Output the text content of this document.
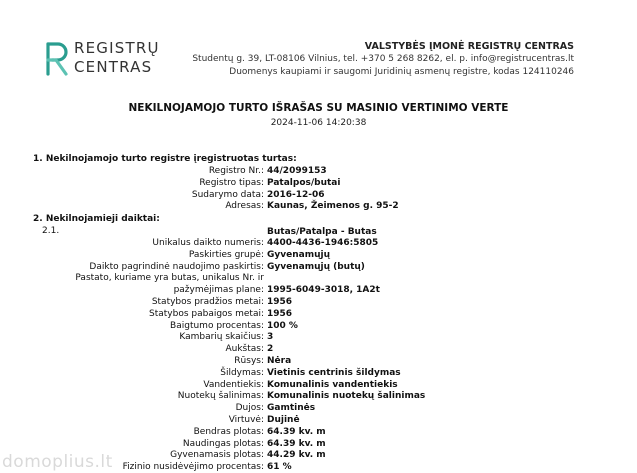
REGISTRŲ
CENTRAS
VALSTYBĖS ĮMONĖ REGISTRŲ CENTRAS
Studentų g. 39, LT-08106 Vilnius, tel. +370 5 268 8262, el. p. info@registrucentras.lt
Duomenys kaupiami ir saugomi Juridinių asmenų registre, kodas 124110246
NEKILNOJAMOJO TURTO IŠRAŠAS SU MASINIO VERTINIMO VERTE
2024-11-06 14:20:38
1. Nekilnojamojo turto registre įregistruotas turtas:
Registro Nr.: 44/2099153
Registro tipas: Patalpos/butai
Sudarymo data: 2016-12-06
Adresas: Kaunas, Žeimenos g. 95-2
2. Nekilnojamieji daiktai:
2.1.	Butas/Patalpa - Butas
Unikalus daikto numeris: 4400-4436-1946:5805
Paskirties grupė: Gyvenamųjų
Daikto pagrindinė naudojimo paskirtis: Gyvenamųjų (butų)
Pastato, kuriame yra butas, unikalus Nr. ir
pažymėjimas plane: 1995-6049-3018, 1A2t
Statybos pradžios metai: 1956
Statybos pabaigos metai: 1956
Baigtumo procentas: 100 %
Kambarių skaičius: 3
Aukštas: 2
Rūsys: Nėra
Šildymas: Vietinis centrinis šildymas
Vandentiekis: Komunalinis vandentiekis
Nuotekų šalinimas: Komunalinis nuotekų šalinimas
Dujos: Gamtinės
Virtuvė: Dujinė
Bendras plotas: 64.39 kv. m
Naudingas plotas: 64.39 kv. m
Gyvenamasis plotas: 44.29 kv. m
Fizinio nusidėvėjimo procentas: 61 %
domoplius.lt
